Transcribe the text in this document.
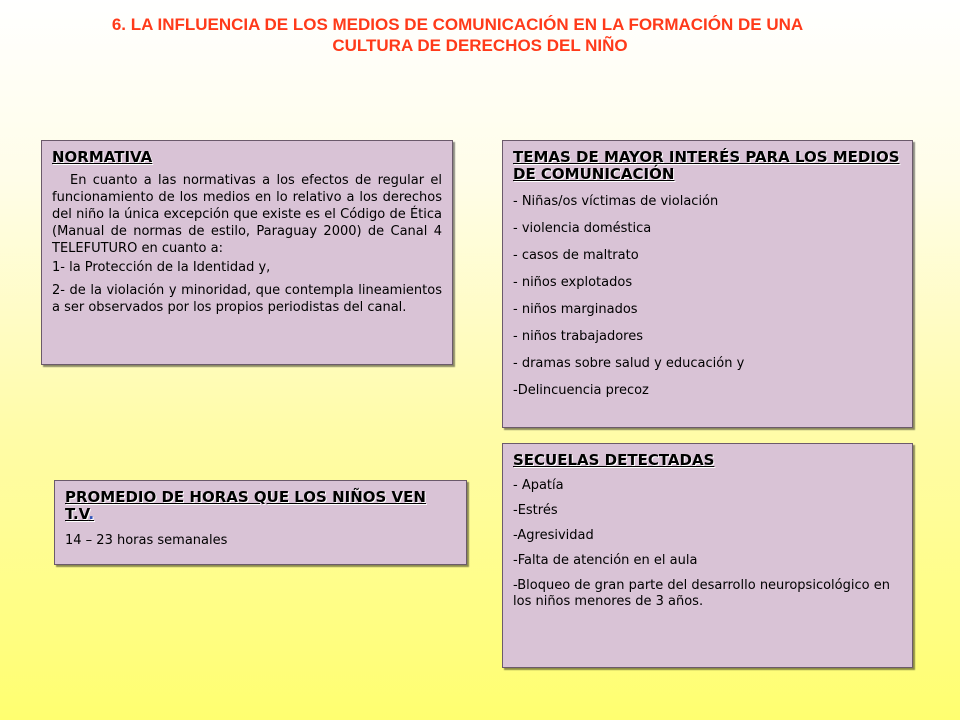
6. LA INFLUENCIA DE LOS MEDIOS DE COMUNICACIÓN EN LA FORMACIÓN DE UNA
CULTURA DE DERECHOS DEL NIÑO
NORMATIVA
En cuanto a las normativas a los efectos de regular el funcionamiento de los medios en lo relativo a los derechos del niño la única excepción que existe es el Código de Ética (Manual de normas de estilo, Paraguay 2000) de Canal 4 TELEFUTURO en cuanto a:
1- la Protección de la Identidad y,
2- de la violación y minoridad, que contempla lineamientos a ser observados por los propios periodistas del canal.
TEMAS DE MAYOR INTERÉS PARA LOS MEDIOS DE COMUNICACIÓN
- Niñas/os víctimas de violación
- violencia doméstica
- casos de maltrato
- niños explotados
- niños marginados
- niños trabajadores
- dramas sobre salud y educación y
-Delincuencia precoz
SECUELAS DETECTADAS
- Apatía
-Estrés
-Agresividad
-Falta de atención en el aula
-Bloqueo de gran parte del desarrollo neuropsicológico en los niños menores de 3 años.
PROMEDIO DE HORAS QUE LOS NIÑOS VEN T.V.
14 – 23 horas semanales
